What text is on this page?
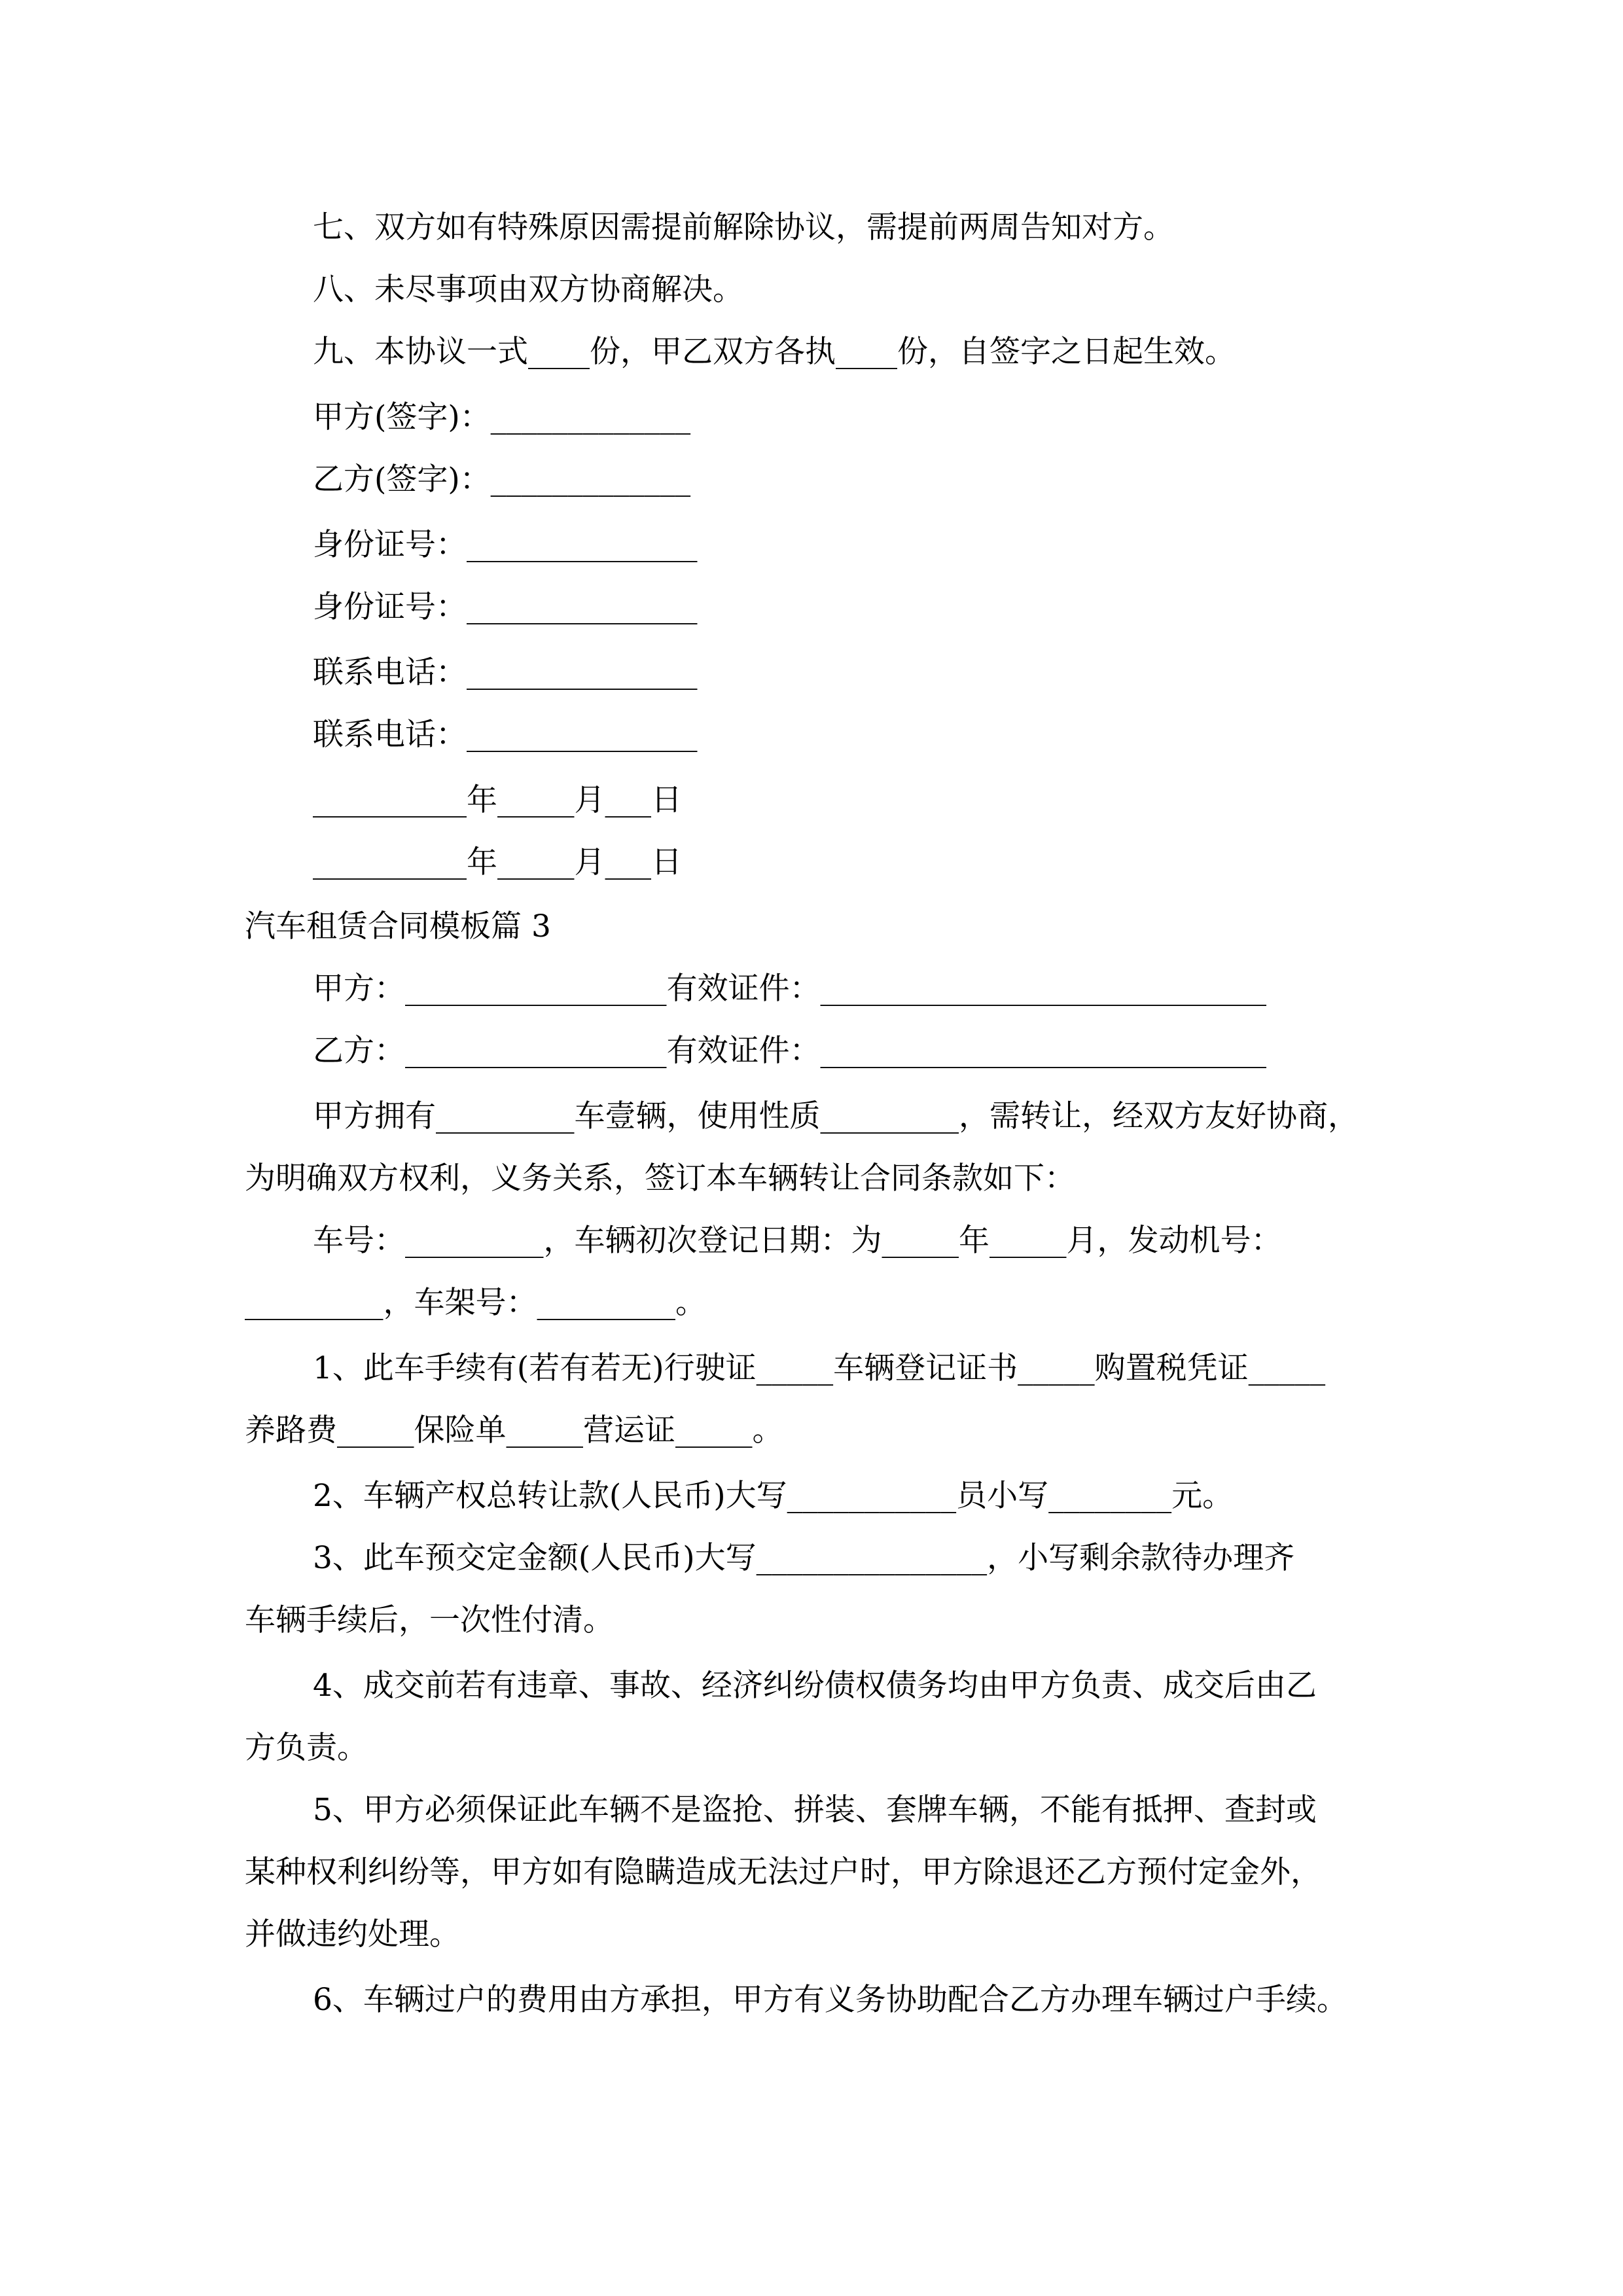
七、双方如有特殊原因需提前解除协议，需提前两周告知对方。

八、未尽事项由双方协商解决。

九、本协议一式____份，甲乙双方各执____份，自签字之日起生效。

甲方(签字)：_____________

乙方(签字)：_____________

身份证号：_______________

身份证号：_______________

联系电话：_______________

联系电话：_______________

__________年_____月___日

__________年_____月___日

汽车租赁合同模板篇 3

甲方：_________________有效证件：_____________________________

乙方：_________________有效证件：_____________________________

甲方拥有_________车壹辆，使用性质_________，需转让，经双方友好协商，

为明确双方权利，义务关系，签订本车辆转让合同条款如下：

车号：_________，车辆初次登记日期：为_____年_____月，发动机号：

_________，车架号：_________。

1、此车手续有(若有若无)行驶证_____车辆登记证书_____购置税凭证_____

养路费_____保险单_____营运证_____。

2、车辆产权总转让款(人民币)大写___________员小写________元。

3、此车预交定金额(人民币)大写_______________，小写剩余款待办理齐

车辆手续后，一次性付清。

4、成交前若有违章、事故、经济纠纷债权债务均由甲方负责、成交后由乙

方负责。

5、甲方必须保证此车辆不是盗抢、拼装、套牌车辆，不能有抵押、查封或

某种权利纠纷等，甲方如有隐瞒造成无法过户时，甲方除退还乙方预付定金外，

并做违约处理。

6、车辆过户的费用由方承担，甲方有义务协助配合乙方办理车辆过户手续。
